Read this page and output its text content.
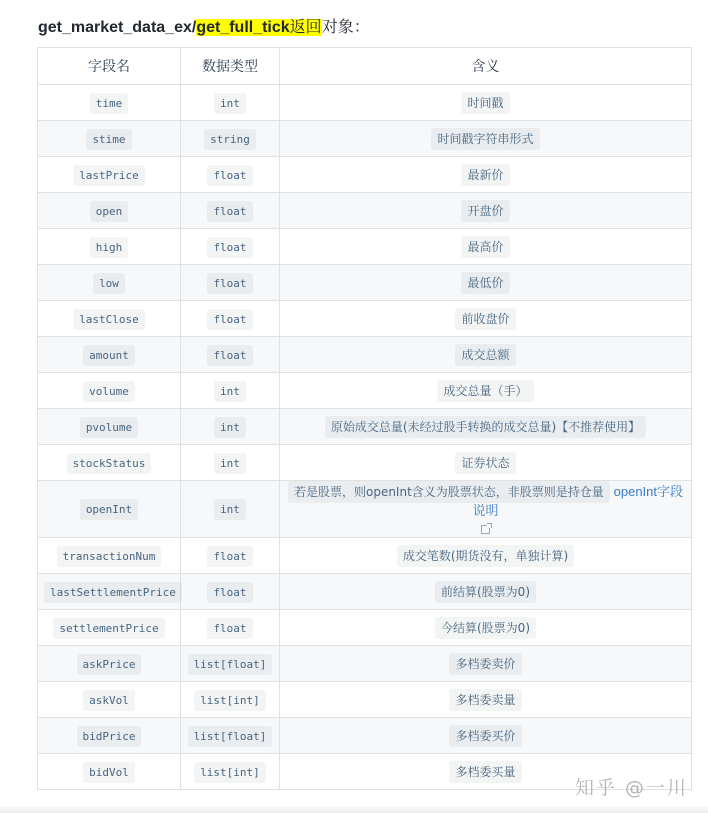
get_market_data_ex/get_full_tick返回对象：
字段名	数据类型	含义
time	int	时间戳
stime	string	时间戳字符串形式
lastPrice	float	最新价
open	float	开盘价
high	float	最高价
low	float	最低价
lastClose	float	前收盘价
amount	float	成交总额
volume	int	成交总量（手）
pvolume	int	原始成交总量(未经过股手转换的成交总量)【不推荐使用】
stockStatus	int	证券状态
openInt	int	若是股票，则openInt含义为股票状态，非股票则是持仓量 openInt字段说明

transactionNum	float	成交笔数(期货没有，单独计算)
lastSettlementPrice	float	前结算(股票为0)
settlementPrice	float	今结算(股票为0)
askPrice	list[float]	多档委卖价
askVol	list[int]	多档委卖量
bidPrice	list[float]	多档委买价
bidVol	list[int]	多档委买量
知乎 @一川
